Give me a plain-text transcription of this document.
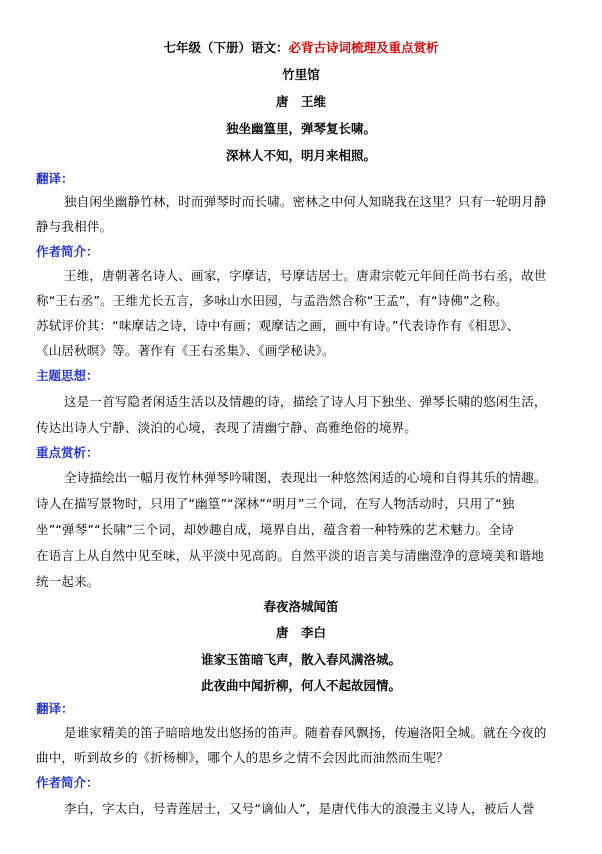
七年级（下册）语文：必背古诗词梳理及重点赏析
竹里馆
唐　王维
独坐幽篁里，弹琴复长啸。
深林人不知，明月来相照。
翻译：
独自闲坐幽静竹林，时而弹琴时而长啸。密林之中何人知晓我在这里？只有一轮明月静
静与我相伴。
作者简介：
王维，唐朝著名诗人、画家，字摩诘，号摩诘居士。唐肃宗乾元年间任尚书右丞，故世
称“王右丞”。王维尤长五言，多咏山水田园，与孟浩然合称“王孟”，有“诗佛”之称。
苏轼评价其：“味摩诘之诗，诗中有画；观摩诘之画，画中有诗。”代表诗作有《相思》、
《山居秋暝》等。著作有《王右丞集》、《画学秘诀》。
主题思想：
这是一首写隐者闲适生活以及情趣的诗，描绘了诗人月下独坐、弹琴长啸的悠闲生活，
传达出诗人宁静、淡泊的心境，表现了清幽宁静、高雅绝俗的境界。
重点赏析：
全诗描绘出一幅月夜竹林弹琴吟啸图，表现出一种悠然闲适的心境和自得其乐的情趣。
诗人在描写景物时，只用了“幽篁”“深林”“明月”三个词，在写人物活动时，只用了“独
坐”“弹琴”“长啸”三个词，却妙趣自成，境界自出，蕴含着一种特殊的艺术魅力。全诗
在语言上从自然中见至味，从平淡中见高韵。自然平淡的语言美与清幽澄净的意境美和谐地
统一起来。
春夜洛城闻笛
唐　李白
谁家玉笛暗飞声，散入春风满洛城。
此夜曲中闻折柳，何人不起故园情。
翻译：
是谁家精美的笛子暗暗地发出悠扬的笛声。随着春风飘扬，传遍洛阳全城。就在今夜的
曲中，听到故乡的《折杨柳》，哪个人的思乡之情不会因此而油然而生呢？
作者简介：
李白，字太白，号青莲居士，又号“谪仙人”，是唐代伟大的浪漫主义诗人，被后人誉
